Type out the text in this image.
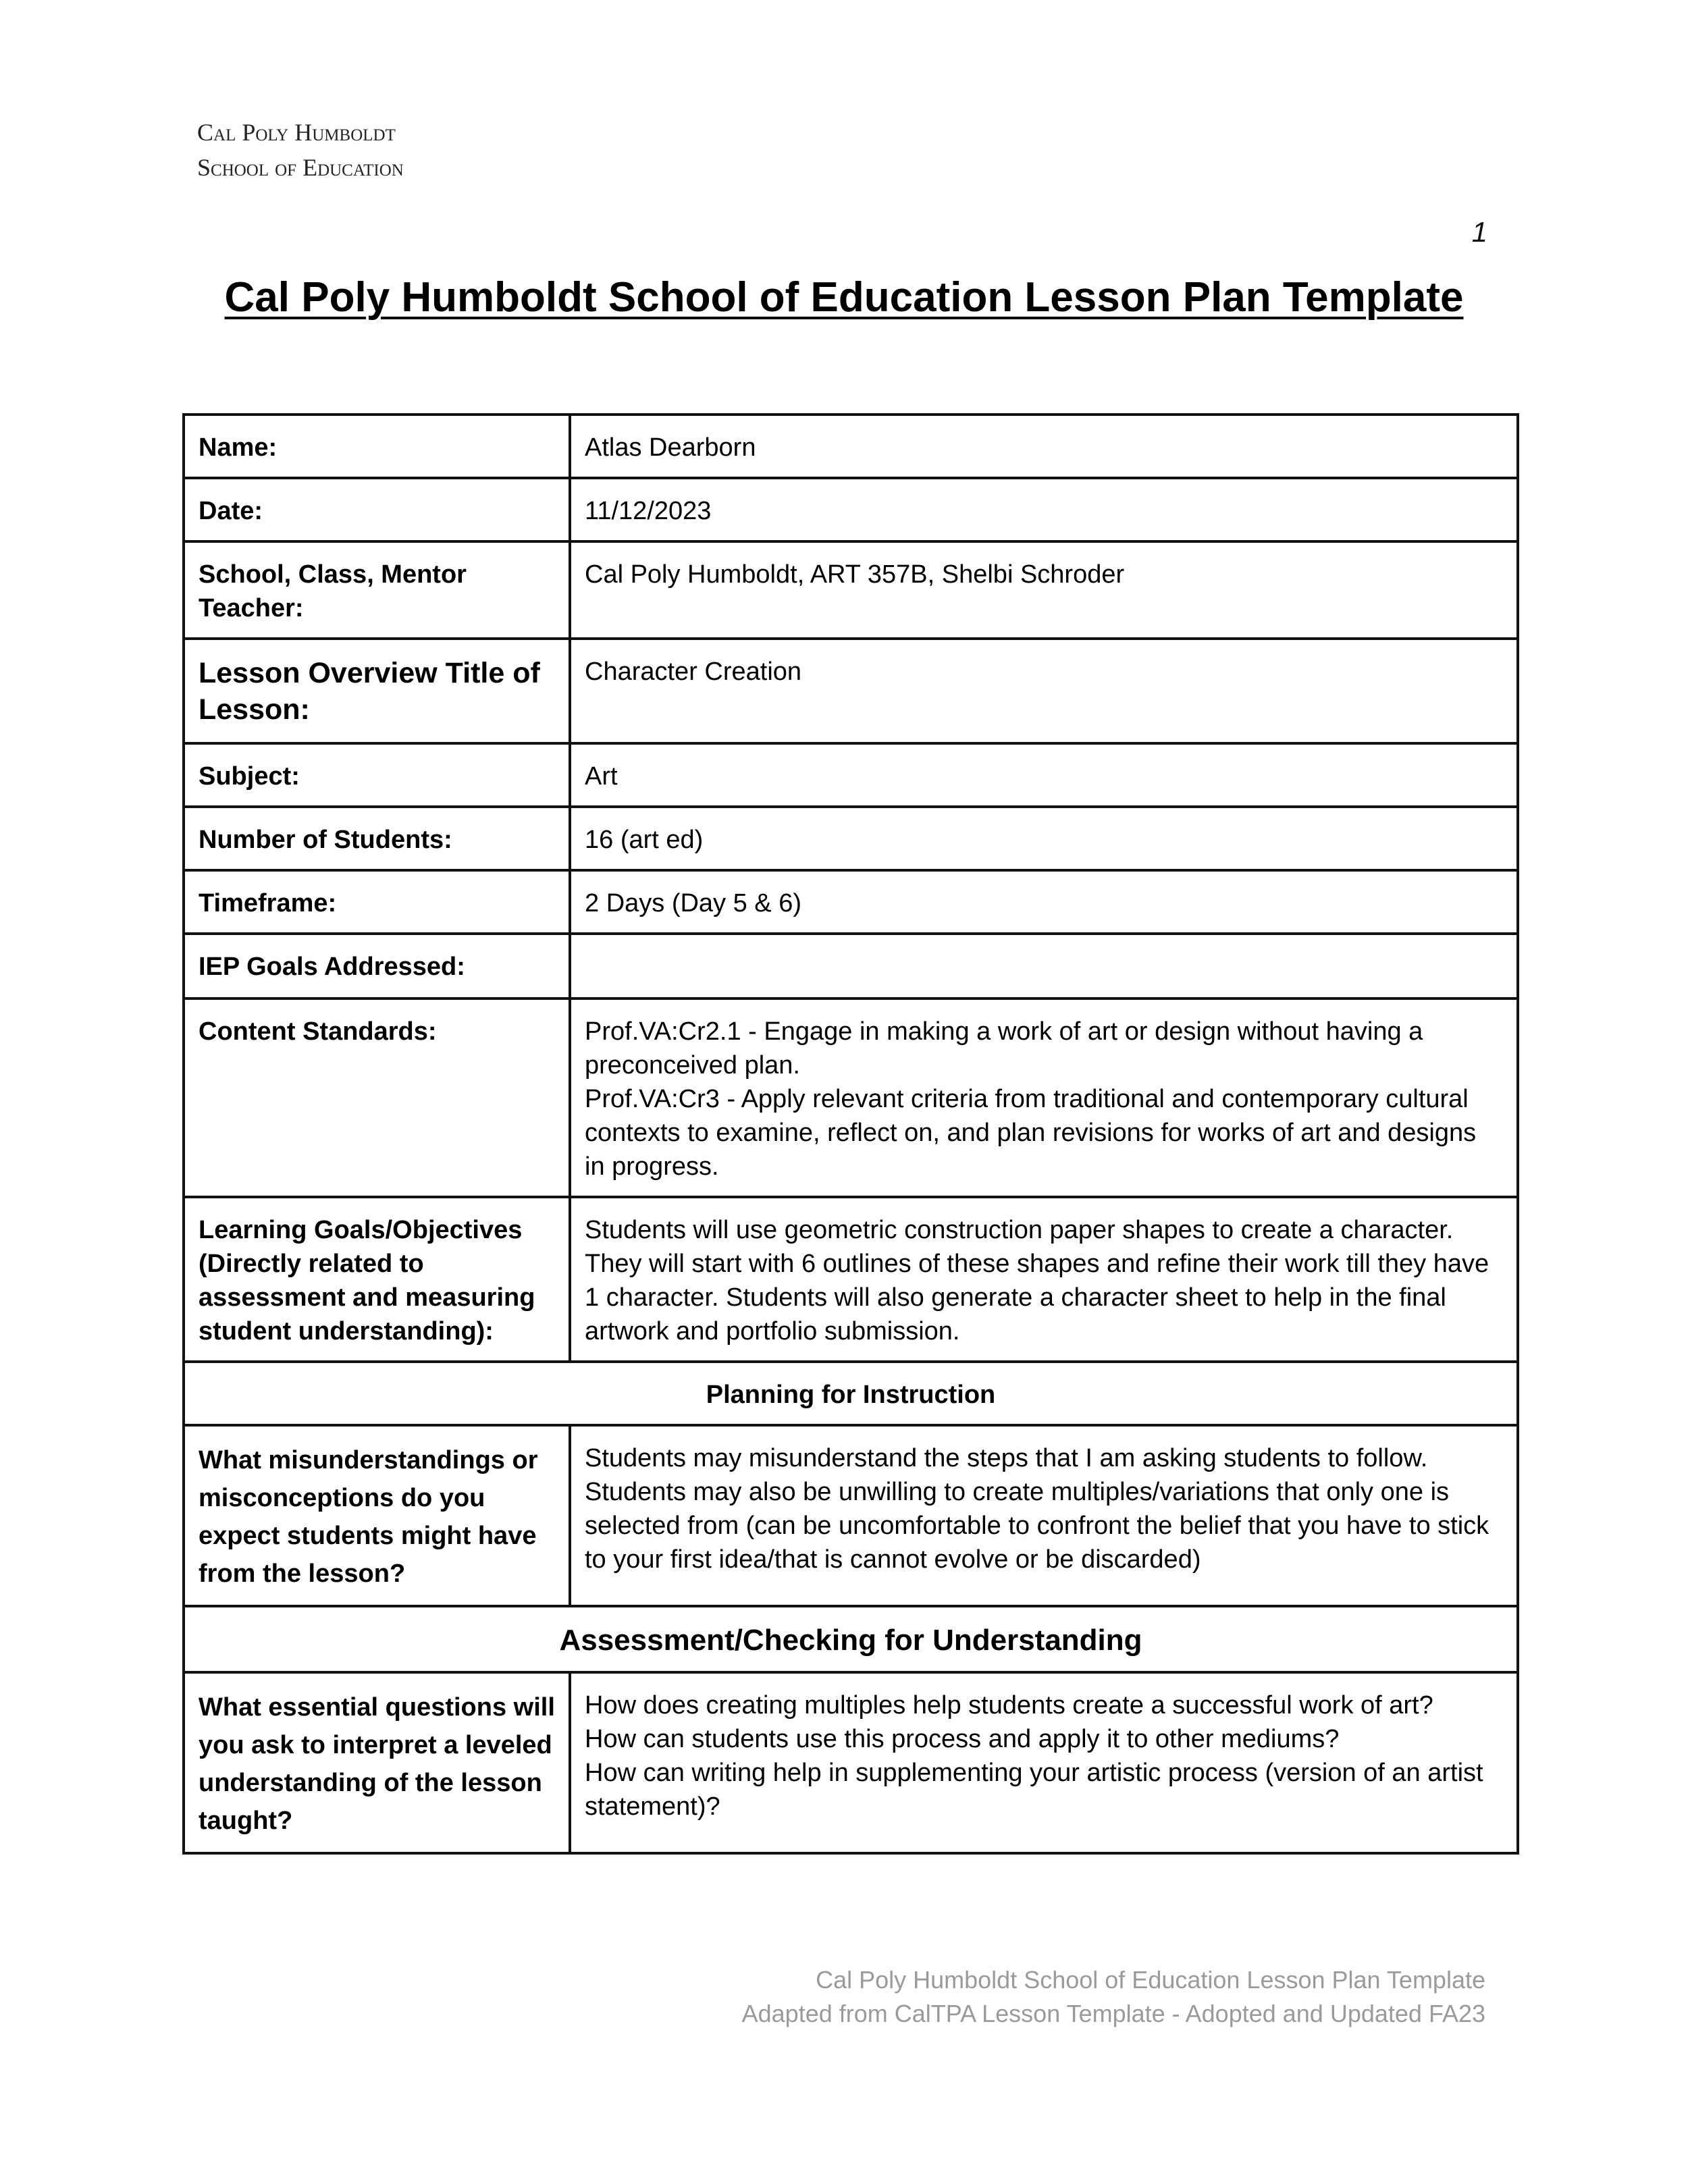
Cal Poly Humboldt
School of Education
1
Cal Poly Humboldt School of Education Lesson Plan Template
Name:	Atlas Dearborn
Date:	11/12/2023
School, Class, Mentor Teacher:	Cal Poly Humboldt, ART 357B, Shelbi Schroder
Lesson Overview Title of Lesson:	Character Creation
Subject:	Art
Number of Students:	16 (art ed)
Timeframe:	2 Days (Day 5 & 6)
IEP Goals Addressed:	
Content Standards:	Prof.VA:Cr2.1 - Engage in making a work of art or design without having a preconceived plan.
Prof.VA:Cr3 - Apply relevant criteria from traditional and contemporary cultural contexts to examine, reflect on, and plan revisions for works of art and designs in progress.
Learning Goals/Objectives (Directly related to assessment and measuring student understanding):	Students will use geometric construction paper shapes to create a character. They will start with 6 outlines of these shapes and refine their work till they have 1 character. Students will also generate a character sheet to help in the final artwork and portfolio submission.
Planning for Instruction	
What misunderstandings or misconceptions do you expect students might have from the lesson?	Students may misunderstand the steps that I am asking students to follow. Students may also be unwilling to create multiples/variations that only one is selected from (can be uncomfortable to confront the belief that you have to stick to your first idea/that is cannot evolve or be discarded)
Assessment/Checking for Understanding	
What essential questions will you ask to interpret a leveled understanding of the lesson taught?	How does creating multiples help students create a successful work of art?
How can students use this process and apply it to other mediums?
How can writing help in supplementing your artistic process (version of an artist statement)?
Cal Poly Humboldt School of Education Lesson Plan Template
Adapted from CalTPA Lesson Template - Adopted and Updated FA23
